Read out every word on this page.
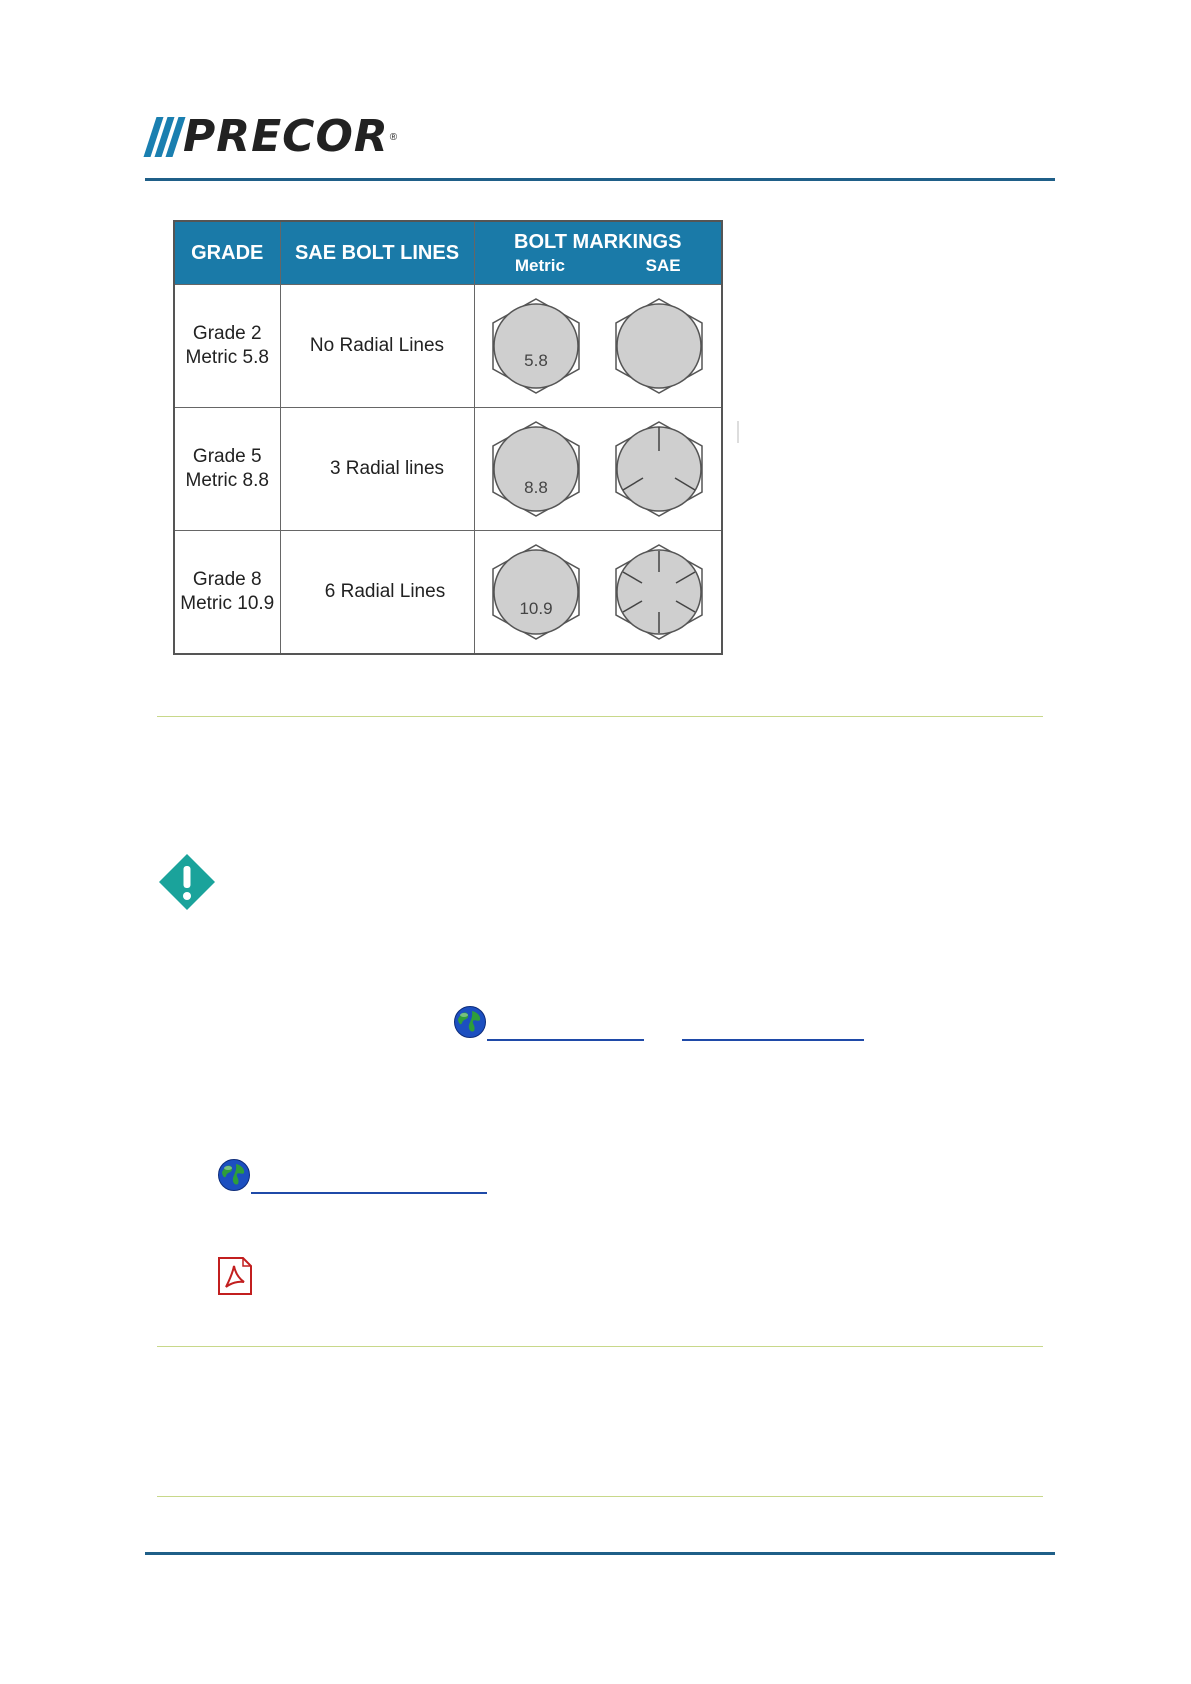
PRECOR ®
GRADE	SAE BOLT LINES	BOLT MARKINGS
Metric SAE

Grade 2
Metric 5.8	No Radial Lines	5.8

Grade 5
Metric 8.8	3 Radial lines	8.8

Grade 8
Metric 10.9	6 Radial Lines	10.9
